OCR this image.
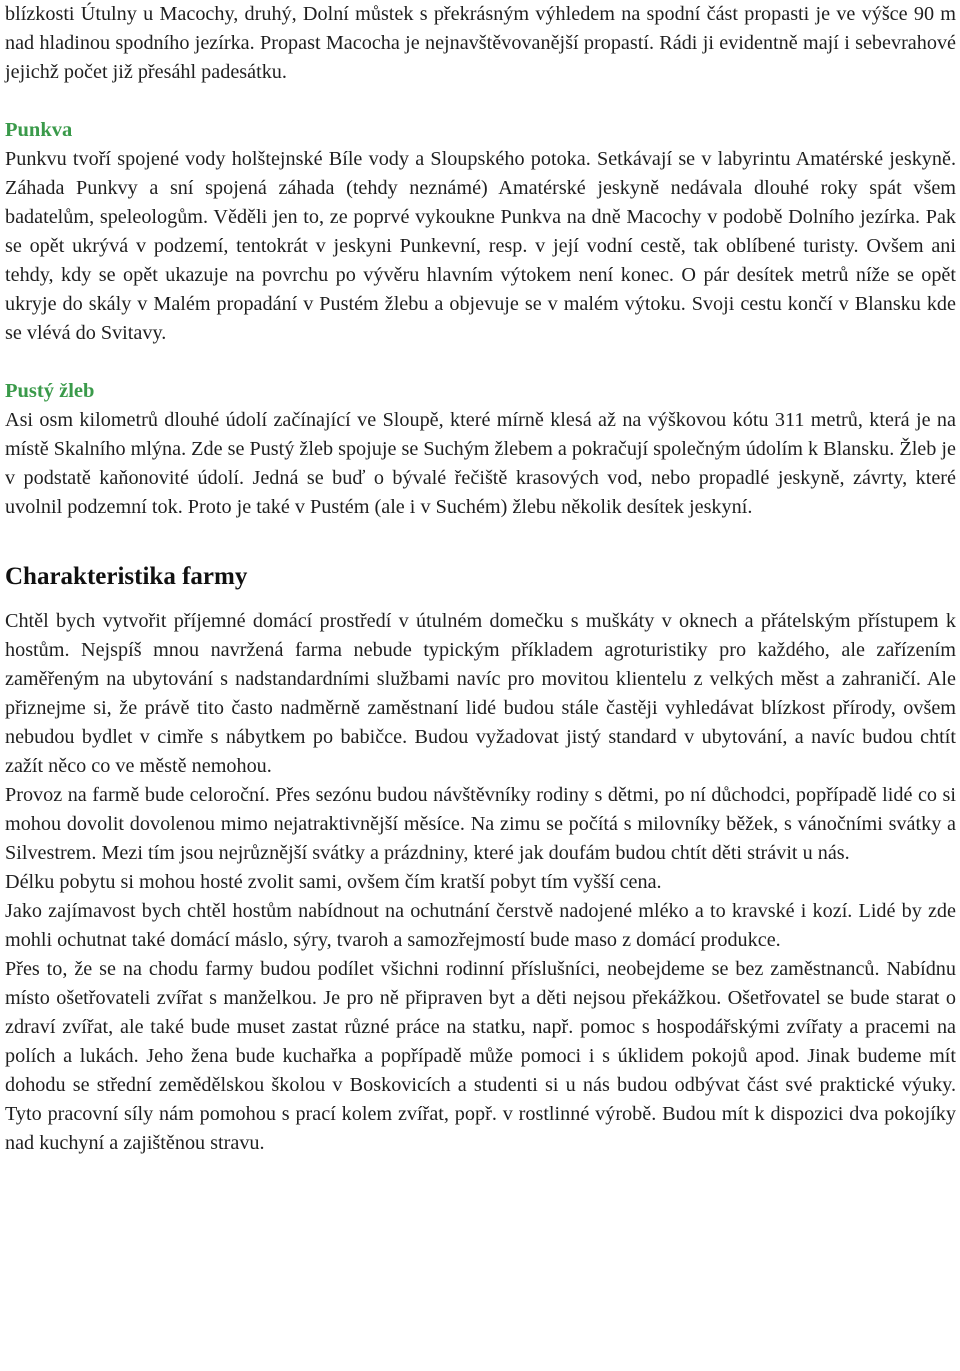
blízkosti Útulny u Macochy, druhý, Dolní můstek s překrásným výhledem na spodní část propasti je ve výšce 90 m nad hladinou spodního jezírka. Propast Macocha je nejnavštěvovanější propastí. Rádi ji evidentně mají i sebevrahové jejichž počet již přesáhl padesátku.

Punkva

Punkvu tvoří spojené vody holštejnské Bíle vody a Sloupského potoka. Setkávají se v labyrintu Amatérské jeskyně. Záhada Punkvy a sní spojená záhada (tehdy neznámé) Amatérské jeskyně nedávala dlouhé roky spát všem badatelům, speleologům. Věděli jen to, ze poprvé vykoukne Punkva na dně Macochy v podobě Dolního jezírka. Pak se opět ukrývá v podzemí, tentokrát v jeskyni Punkevní, resp. v její vodní cestě, tak oblíbené turisty. Ovšem ani tehdy, kdy se opět ukazuje na povrchu po vývěru hlavním výtokem není konec. O pár desítek metrů níže se opět ukryje do skály v Malém propadání v Pustém žlebu a objevuje se v malém výtoku. Svoji cestu končí v Blansku kde se vlévá do Svitavy.

Pustý žleb

Asi osm kilometrů dlouhé údolí začínající ve Sloupě, které mírně klesá až na výškovou kótu 311 metrů, která je na místě Skalního mlýna. Zde se Pustý žleb spojuje se Suchým žlebem a pokračují společným údolím k Blansku. Žleb je v podstatě kaňonovité údolí. Jedná se buď o bývalé řečiště krasových vod, nebo propadlé jeskyně, závrty, které uvolnil podzemní tok. Proto je také v Pustém (ale i v Suchém) žlebu několik desítek jeskyní.

Charakteristika farmy

Chtěl bych vytvořit příjemné domácí prostředí v útulném domečku s muškáty v oknech a přátelským přístupem k hostům. Nejspíš mnou navržená farma nebude typickým příkladem agroturistiky pro každého, ale zařízením zaměřeným na ubytování s nadstandardními službami navíc pro movitou klientelu z velkých měst a zahraničí. Ale přiznejme si, že právě tito často nadměrně zaměstnaní lidé budou stále častěji vyhledávat blízkost přírody, ovšem nebudou bydlet v cimře s nábytkem po babičce. Budou vyžadovat jistý standard v ubytování, a navíc budou chtít zažít něco co ve městě nemohou.

Provoz na farmě bude celoroční. Přes sezónu budou návštěvníky rodiny s dětmi, po ní důchodci, popřípadě lidé co si mohou dovolit dovolenou mimo nejatraktivnější měsíce. Na zimu se počítá s milovníky běžek, s vánočními svátky a Silvestrem. Mezi tím jsou nejrůznější svátky a prázdniny, které jak doufám budou chtít děti strávit u nás.

Délku pobytu si mohou hosté zvolit sami, ovšem čím kratší pobyt tím vyšší cena.

Jako zajímavost bych chtěl hostům nabídnout na ochutnání čerstvě nadojené mléko a to kravské i kozí. Lidé by zde mohli ochutnat také domácí máslo, sýry, tvaroh a samozřejmostí bude maso z domácí produkce.

Přes to, že se na chodu farmy budou podílet všichni rodinní příslušníci, neobejdeme se bez zaměstnanců. Nabídnu místo ošetřovateli zvířat s manželkou. Je pro ně připraven byt a děti nejsou překážkou. Ošetřovatel se bude starat o zdraví zvířat, ale také bude muset zastat různé práce na statku, např. pomoc s hospodářskými zvířaty a pracemi na polích a lukách. Jeho žena bude kuchařka a popřípadě může pomoci i s úklidem pokojů apod. Jinak budeme mít dohodu se střední zemědělskou školou v Boskovicích a studenti si u nás budou odbývat část své praktické výuky. Tyto pracovní síly nám pomohou s prací kolem zvířat, popř. v rostlinné výrobě. Budou mít k dispozici dva pokojíky nad kuchyní a zajištěnou stravu.
